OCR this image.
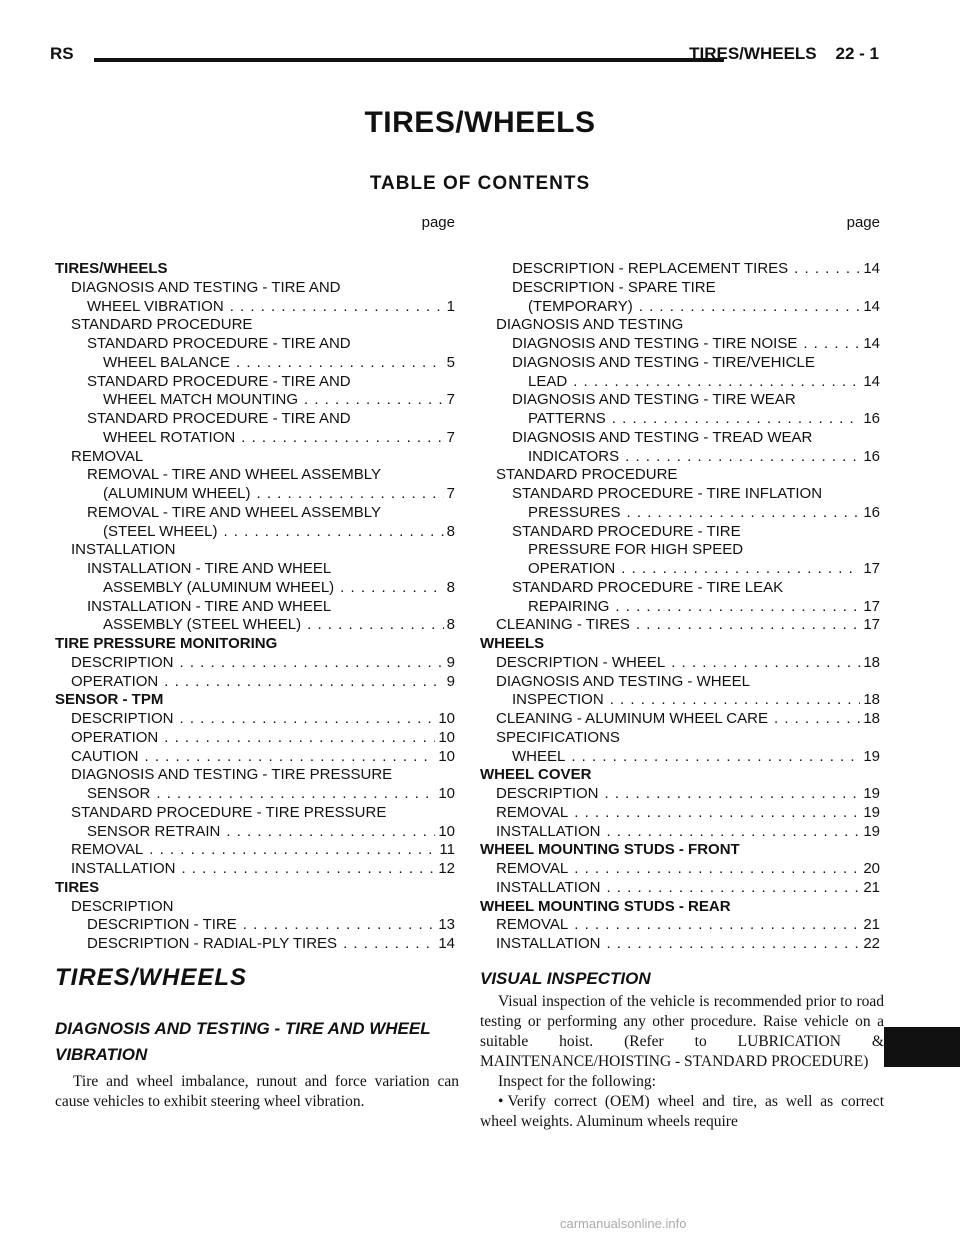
RS	TIRES/WHEELS    22 - 1
TIRES/WHEELS
TABLE OF CONTENTS
page
TIRES/WHEELS
DIAGNOSIS AND TESTING - TIRE AND
WHEEL VIBRATION . . .	1
STANDARD PROCEDURE
STANDARD PROCEDURE - TIRE AND
WHEEL BALANCE . . .	5
STANDARD PROCEDURE - TIRE AND
WHEEL MATCH MOUNTING . . .	7
STANDARD PROCEDURE - TIRE AND
WHEEL ROTATION . . .	7
REMOVAL
REMOVAL - TIRE AND WHEEL ASSEMBLY
(ALUMINUM WHEEL) . . .	7
REMOVAL - TIRE AND WHEEL ASSEMBLY
(STEEL WHEEL) . . .	8
INSTALLATION
INSTALLATION - TIRE AND WHEEL
ASSEMBLY (ALUMINUM WHEEL) . . .	8
INSTALLATION - TIRE AND WHEEL
ASSEMBLY (STEEL WHEEL) . . .	8
TIRE PRESSURE MONITORING
DESCRIPTION . . .	9
OPERATION . . .	9
SENSOR - TPM
DESCRIPTION . . .	10
OPERATION . . .	10
CAUTION . . .	10
DIAGNOSIS AND TESTING - TIRE PRESSURE
SENSOR . . .	10
STANDARD PROCEDURE - TIRE PRESSURE
SENSOR RETRAIN . . .	10
REMOVAL . . .	11
INSTALLATION . . .	12
TIRES
DESCRIPTION
DESCRIPTION - TIRE . . .	13
DESCRIPTION - RADIAL-PLY TIRES . . .	14
page
DESCRIPTION - REPLACEMENT TIRES . . .	14
DESCRIPTION - SPARE TIRE
(TEMPORARY) . . .	14
DIAGNOSIS AND TESTING
DIAGNOSIS AND TESTING - TIRE NOISE . . .	14
DIAGNOSIS AND TESTING - TIRE/VEHICLE
LEAD . . .	14
DIAGNOSIS AND TESTING - TIRE WEAR
PATTERNS . . .	16
DIAGNOSIS AND TESTING - TREAD WEAR
INDICATORS . . .	16
STANDARD PROCEDURE
STANDARD PROCEDURE - TIRE INFLATION
PRESSURES . . .	16
STANDARD PROCEDURE - TIRE
PRESSURE FOR HIGH SPEED
OPERATION . . .	17
STANDARD PROCEDURE - TIRE LEAK
REPAIRING . . .	17
CLEANING - TIRES . . .	17
WHEELS
DESCRIPTION - WHEEL . . .	18
DIAGNOSIS AND TESTING - WHEEL
INSPECTION . . .	18
CLEANING - ALUMINUM WHEEL CARE . . .	18
SPECIFICATIONS
WHEEL . . .	19
WHEEL COVER
DESCRIPTION . . .	19
REMOVAL . . .	19
INSTALLATION . . .	19
WHEEL MOUNTING STUDS - FRONT
REMOVAL . . .	20
INSTALLATION . . .	21
WHEEL MOUNTING STUDS - REAR
REMOVAL . . .	21
INSTALLATION . . .	22
TIRES/WHEELS
DIAGNOSIS AND TESTING - TIRE AND WHEEL VIBRATION

Tire and wheel imbalance, runout and force variation can cause vehicles to exhibit steering wheel vibration.

VISUAL INSPECTION

Visual inspection of the vehicle is recommended prior to road testing or performing any other procedure. Raise vehicle on a suitable hoist. (Refer to LUBRICATION & MAINTENANCE/HOISTING - STANDARD PROCEDURE)

Inspect for the following:

• Verify correct (OEM) wheel and tire, as well as correct wheel weights. Aluminum wheels require

carmanualsonline.info
